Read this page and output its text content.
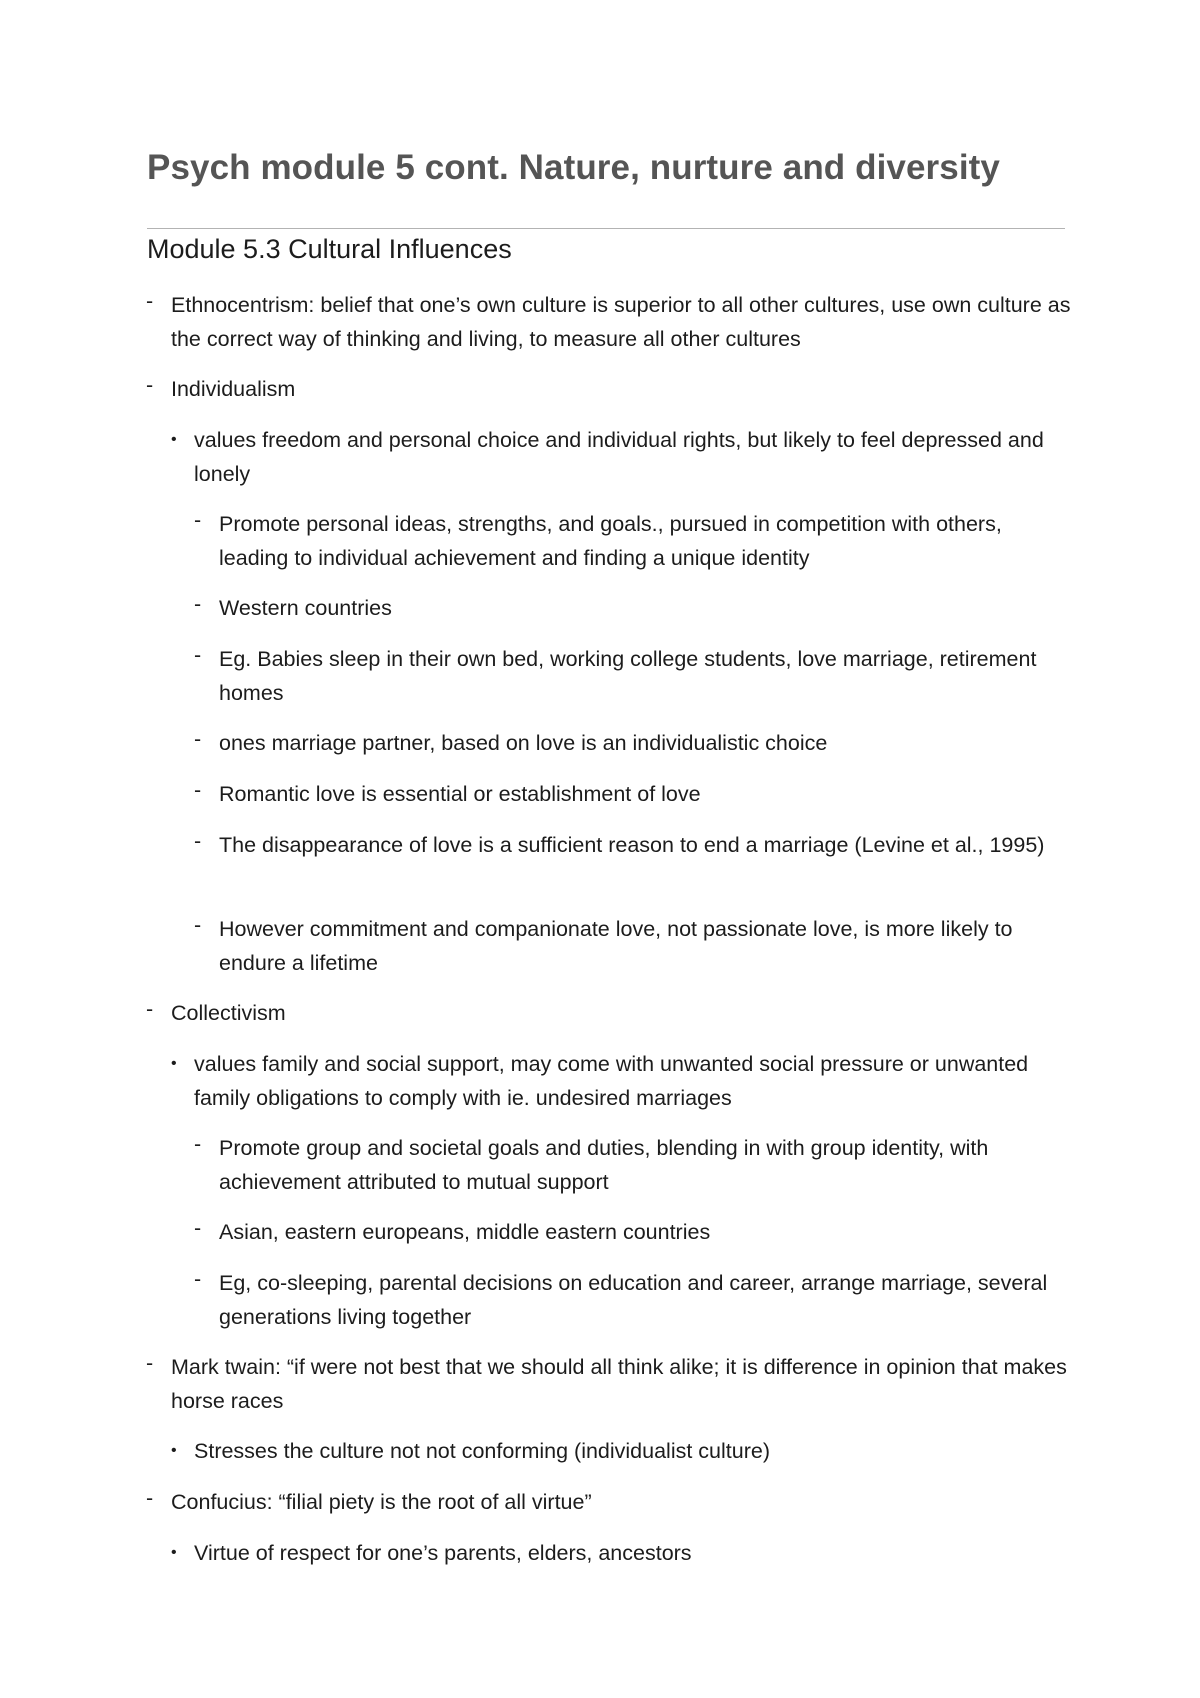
Psych module 5 cont. Nature, nurture and diversity
Module 5.3 Cultural Influences
- Ethnocentrism: belief that one’s own culture is superior to all other cultures, use own culture as the correct way of thinking and living, to measure all other cultures
- Individualism
• values freedom and personal choice and individual rights, but likely to feel depressed and lonely
- Promote personal ideas, strengths, and goals., pursued in competition with others, leading to individual achievement and finding a unique identity
- Western countries
- Eg. Babies sleep in their own bed, working college students, love marriage, retirement homes
- ones marriage partner, based on love is an individualistic choice
- Romantic love is essential or establishment of love
- The disappearance of love is a sufficient reason to end a marriage (Levine et al., 1995)
- However commitment and companionate love, not passionate love, is more likely to endure a lifetime
- Collectivism
• values family and social support, may come with unwanted social pressure or unwanted family obligations to comply with ie. undesired marriages
- Promote group and societal goals and duties, blending in with group identity, with achievement attributed to mutual support
- Asian, eastern europeans, middle eastern countries
- Eg, co-sleeping, parental decisions on education and career, arrange marriage, several generations living together
- Mark twain: “if were not best that we should all think alike; it is difference in opinion that makes horse races
• Stresses the culture not not conforming (individualist culture)
- Confucius: “filial piety is the root of all virtue”
• Virtue of respect for one’s parents, elders, ancestors
